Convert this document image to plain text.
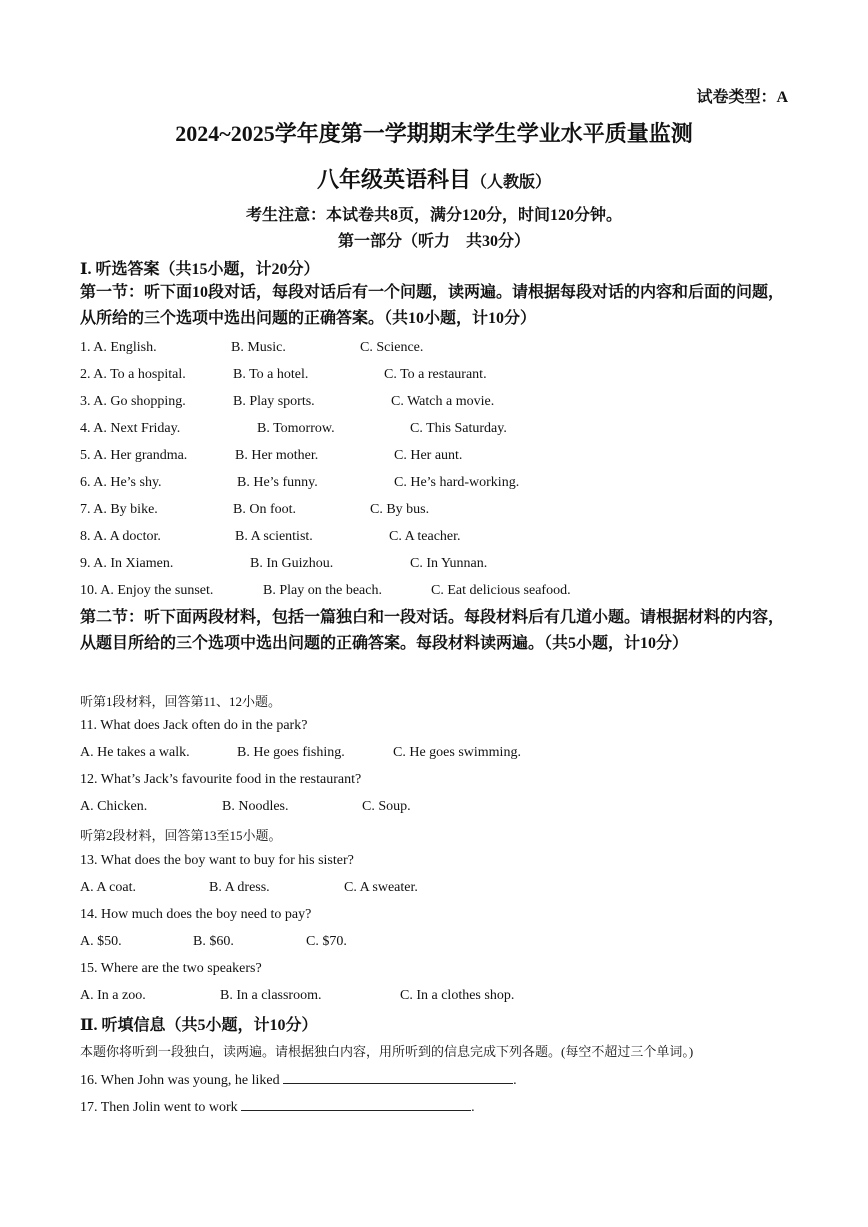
试卷类型：A
2024~2025学年度第一学期期末学生学业水平质量监测
八年级英语科目（人教版）
考生注意：本试卷共8页，满分120分，时间120分钟。
第一部分（听力　共30分）
Ⅰ. 听选答案（共15小题，计20分）
第一节：听下面10段对话，每段对话后有一个问题，读两遍。请根据每段对话的内容和后面的问题，从所给的三个选项中选出问题的正确答案。（共10小题，计10分）
1. A. English.	B. Music.	C. Science.
2. A. To a hospital.	B. To a hotel.	C. To a restaurant.
3. A. Go shopping.	B. Play sports.	C. Watch a movie.
4. A. Next Friday.	B. Tomorrow.	C. This Saturday.
5. A. Her grandma.	B. Her mother.	C. Her aunt.
6. A. He’s shy.	B. He’s funny.	C. He’s hard-working.
7. A. By bike.	B. On foot.	C. By bus.
8. A. A doctor.	B. A scientist.	C. A teacher.
9. A. In Xiamen.	B. In Guizhou.	C. In Yunnan.
10. A. Enjoy the sunset.	B. Play on the beach.	C. Eat delicious seafood.
第二节：听下面两段材料，包括一篇独白和一段对话。每段材料后有几道小题。请根据材料的内容，从题目所给的三个选项中选出问题的正确答案。每段材料读两遍。（共5小题，计10分）
听第1段材料，回答第11、12小题。
11. What does Jack often do in the park?
A. He takes a walk.	B. He goes fishing.	C. He goes swimming.
12. What’s Jack’s favourite food in the restaurant?
A. Chicken.	B. Noodles.	C. Soup.
听第2段材料，回答第13至15小题。
13. What does the boy want to buy for his sister?
A. A coat.	B. A dress.	C. A sweater.
14. How much does the boy need to pay?
A. $50.	B. $60.	C. $70.
15. Where are the two speakers?
A. In a zoo.	B. In a classroom.	C. In a clothes shop.
Ⅱ. 听填信息（共5小题，计10分）
本题你将听到一段独白，读两遍。请根据独白内容，用所听到的信息完成下列各题。(每空不超过三个单词。)
16. When John was young, he liked	.
17. Then Jolin went to work	.
